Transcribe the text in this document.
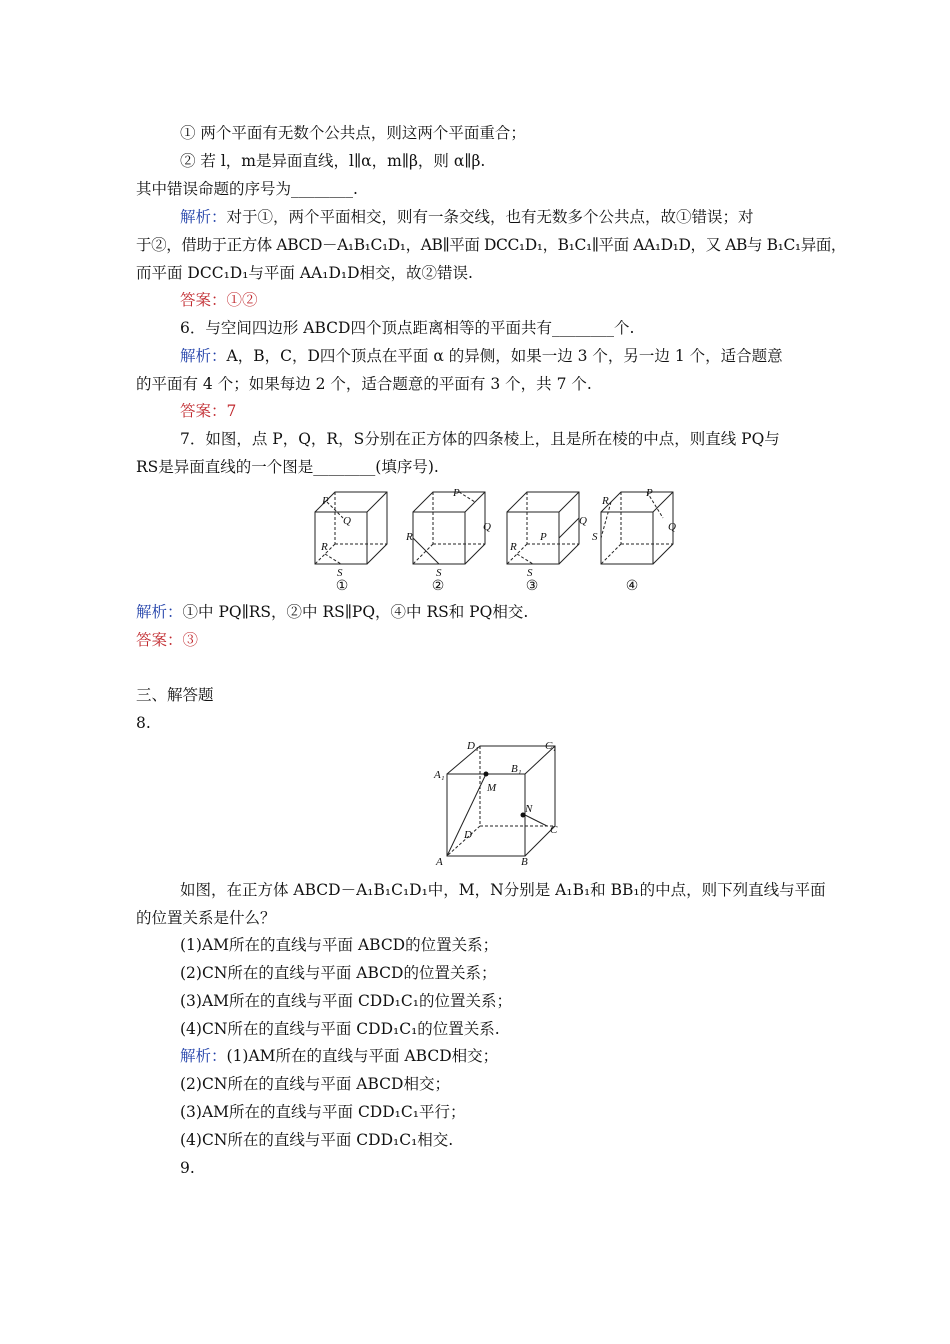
① 两个平面有无数个公共点，则这两个平面重合；
② 若 l，m是异面直线，l∥α，m∥β，则 α∥β.
其中错误命题的序号为________.
解析：对于①，两个平面相交，则有一条交线，也有无数多个公共点，故①错误；对
于②，借助于正方体 ABCD－A₁B₁C₁D₁，AB∥平面 DCC₁D₁，B₁C₁∥平面 AA₁D₁D，又 AB与 B₁C₁异面，
而平面 DCC₁D₁与平面 AA₁D₁D相交，故②错误.
答案：①②
6．与空间四边形 ABCD四个顶点距离相等的平面共有________个.
解析：A，B，C，D四个顶点在平面 α 的异侧，如果一边 3 个，另一边 1 个，适合题意
的平面有 4 个；如果每边 2 个，适合题意的平面有 3 个，共 7 个.
答案：7
7．如图，点 P，Q，R，S分别在正方体的四条棱上，且是所在棱的中点，则直线 PQ与
RS是异面直线的一个图是________(填序号).
P
Q
R
S
P
Q
R
S
P
Q
R
S
P
Q
R
S
①	②	③	④
解析：①中 PQ∥RS，②中 RS∥PQ，④中 RS和 PQ相交.
答案：③
三、解答题
8.
D₁	C₁
A₁	B₁
M
N
D	C
A	B
如图，在正方体 ABCD－A₁B₁C₁D₁中，M，N分别是 A₁B₁和 BB₁的中点，则下列直线与平面
的位置关系是什么？
(1)AM所在的直线与平面 ABCD的位置关系；
(2)CN所在的直线与平面 ABCD的位置关系；
(3)AM所在的直线与平面 CDD₁C₁的位置关系；
(4)CN所在的直线与平面 CDD₁C₁的位置关系.
解析：(1)AM所在的直线与平面 ABCD相交；
(2)CN所在的直线与平面 ABCD相交；
(3)AM所在的直线与平面 CDD₁C₁平行；
(4)CN所在的直线与平面 CDD₁C₁相交.
9.
